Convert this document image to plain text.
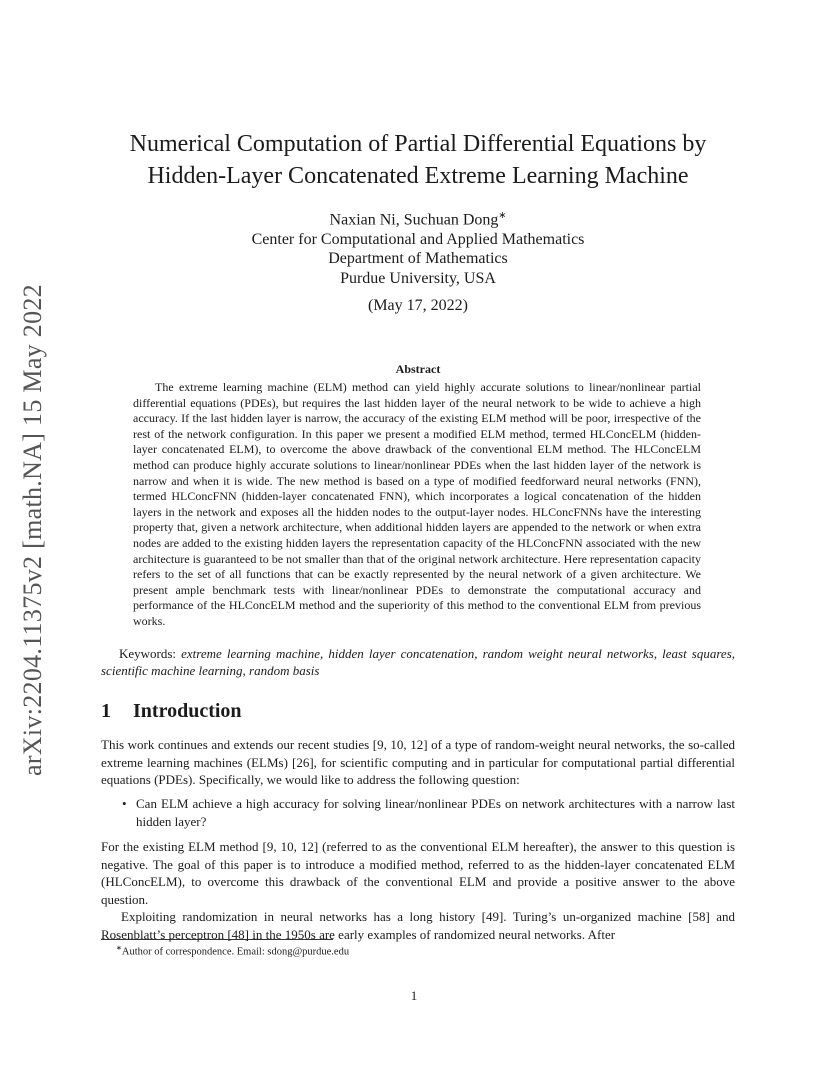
arXiv:2204.11375v2 [math.NA] 15 May 2022
Numerical Computation of Partial Differential Equations by
Hidden-Layer Concatenated Extreme Learning Machine
Naxian Ni, Suchuan Dong∗
Center for Computational and Applied Mathematics
Department of Mathematics
Purdue University, USA
(May 17, 2022)
Abstract

The extreme learning machine (ELM) method can yield highly accurate solutions to linear/nonlinear partial differential equations (PDEs), but requires the last hidden layer of the neural network to be wide to achieve a high accuracy. If the last hidden layer is narrow, the accuracy of the existing ELM method will be poor, irrespective of the rest of the network configuration. In this paper we present a modified ELM method, termed HLConcELM (hidden-layer concatenated ELM), to overcome the above drawback of the conventional ELM method. The HLConcELM method can produce highly accurate solutions to linear/nonlinear PDEs when the last hidden layer of the network is narrow and when it is wide. The new method is based on a type of modified feedforward neural networks (FNN), termed HLConcFNN (hidden-layer concatenated FNN), which incorporates a logical concatenation of the hidden layers in the network and exposes all the hidden nodes to the output-layer nodes. HLConcFNNs have the interesting property that, given a network architecture, when additional hidden layers are appended to the network or when extra nodes are added to the existing hidden layers the representation capacity of the HLConcFNN associated with the new architecture is guaranteed to be not smaller than that of the original network architecture. Here representation capacity refers to the set of all functions that can be exactly represented by the neural network of a given architecture. We present ample benchmark tests with linear/nonlinear PDEs to demonstrate the computational accuracy and performance of the HLConcELM method and the superiority of this method to the conventional ELM from previous works.

Keywords: extreme learning machine, hidden layer concatenation, random weight neural networks, least squares, scientific machine learning, random basis
1 Introduction

This work continues and extends our recent studies [9, 10, 12] of a type of random-weight neural networks, the so-called extreme learning machines (ELMs) [26], for scientific computing and in particular for computational partial differential equations (PDEs). Specifically, we would like to address the following question:

• Can ELM achieve a high accuracy for solving linear/nonlinear PDEs on network architectures with a narrow last hidden layer?

For the existing ELM method [9, 10, 12] (referred to as the conventional ELM hereafter), the answer to this question is negative. The goal of this paper is to introduce a modified method, referred to as the hidden-layer concatenated ELM (HLConcELM), to overcome this drawback of the conventional ELM and provide a positive answer to the above question.

Exploiting randomization in neural networks has a long history [49]. Turing’s un-organized machine [58] and Rosenblatt’s perceptron [48] in the 1950s are early examples of randomized neural networks. After

∗Author of correspondence. Email: sdong@purdue.edu
1
